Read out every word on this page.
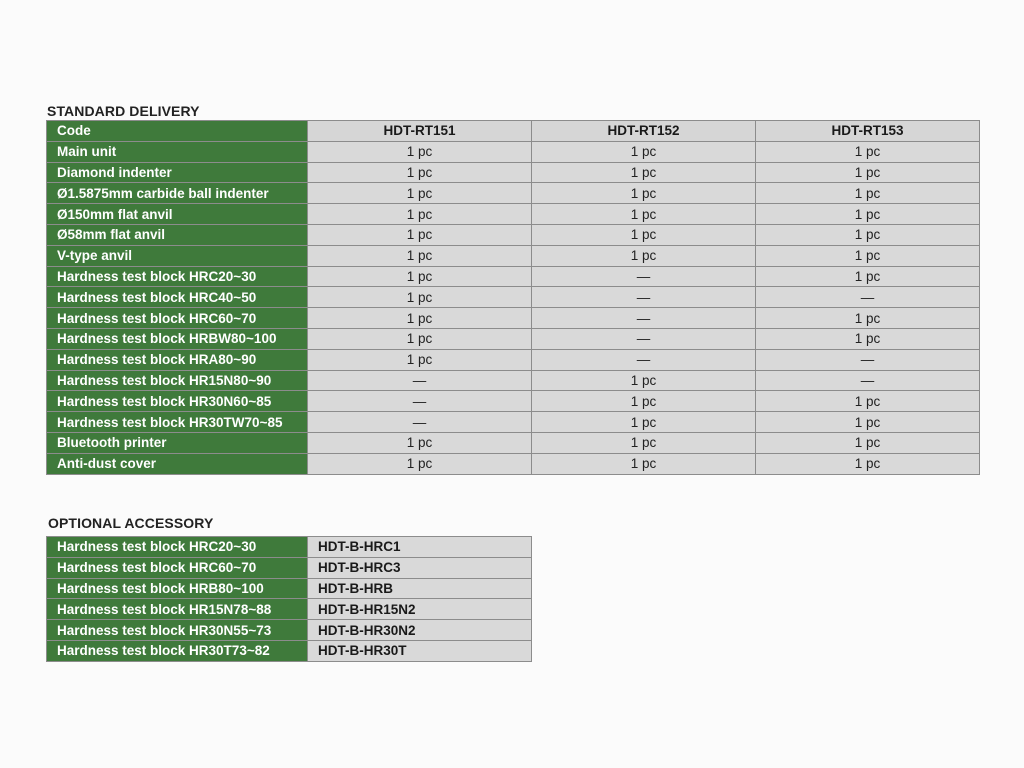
STANDARD DELIVERY
Code	HDT-RT151	HDT-RT152	HDT-RT153
Main unit	1 pc	1 pc	1 pc
Diamond indenter	1 pc	1 pc	1 pc
Ø1.5875mm carbide ball indenter	1 pc	1 pc	1 pc
Ø150mm flat anvil	1 pc	1 pc	1 pc
Ø58mm flat anvil	1 pc	1 pc	1 pc
V-type anvil	1 pc	1 pc	1 pc
Hardness test block HRC20~30	1 pc	—	1 pc
Hardness test block HRC40~50	1 pc	—	—
Hardness test block HRC60~70	1 pc	—	1 pc
Hardness test block HRBW80~100	1 pc	—	1 pc
Hardness test block HRA80~90	1 pc	—	—
Hardness test block HR15N80~90	—	1 pc	—
Hardness test block HR30N60~85	—	1 pc	1 pc
Hardness test block HR30TW70~85	—	1 pc	1 pc
Bluetooth printer	1 pc	1 pc	1 pc
Anti-dust cover	1 pc	1 pc	1 pc
OPTIONAL ACCESSORY
Hardness test block HRC20~30	HDT-B-HRC1
Hardness test block HRC60~70	HDT-B-HRC3
Hardness test block HRB80~100	HDT-B-HRB
Hardness test block HR15N78~88	HDT-B-HR15N2
Hardness test block HR30N55~73	HDT-B-HR30N2
Hardness test block HR30T73~82	HDT-B-HR30T
